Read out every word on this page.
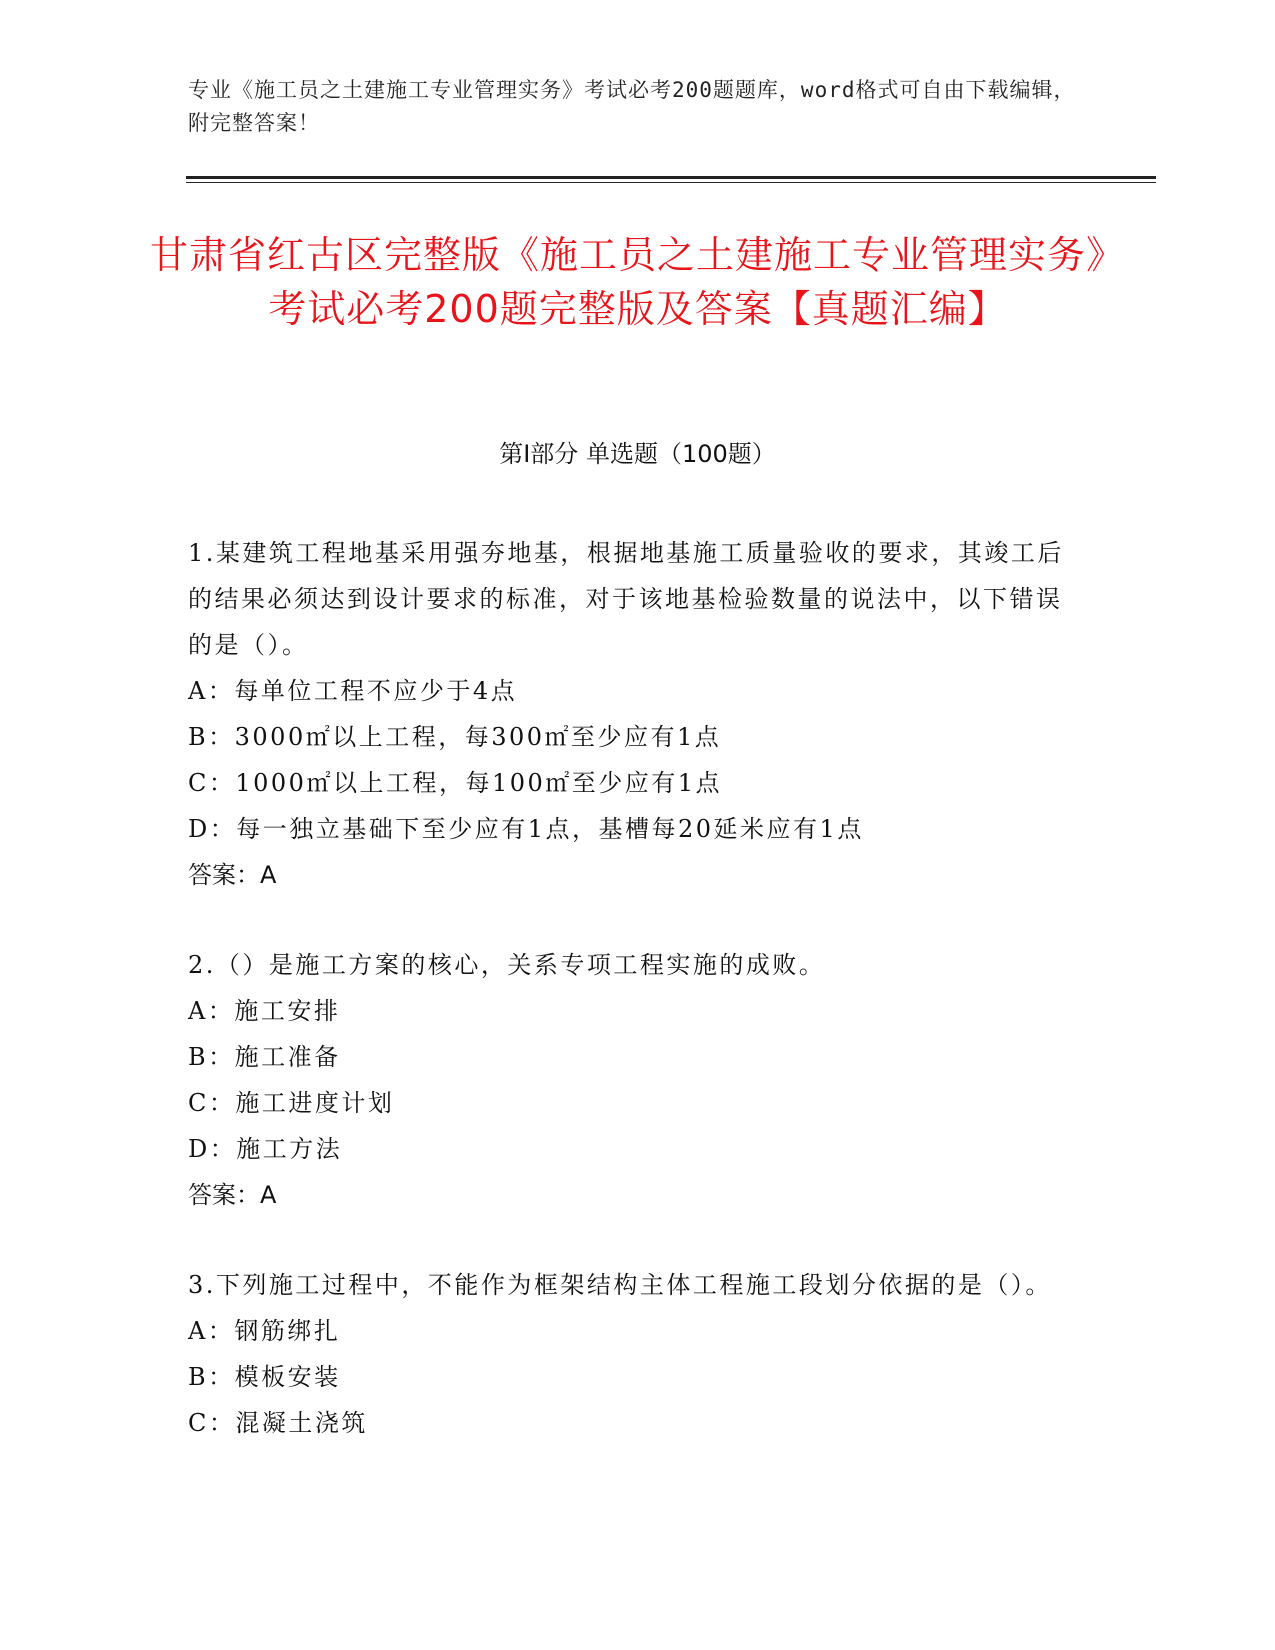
专业《施工员之土建施工专业管理实务》考试必考200题题库，word格式可自由下载编辑，附完整答案！
甘肃省红古区完整版《施工员之土建施工专业管理实务》考试必考200题完整版及答案【真题汇编】
第Ⅰ部分 单选题（100题）
1.某建筑工程地基采用强夯地基，根据地基施工质量验收的要求，其竣工后的结果必须达到设计要求的标准，对于该地基检验数量的说法中，以下错误的是（）。
A：每单位工程不应少于4点
B：3000㎡以上工程，每300㎡至少应有1点
C：1000㎡以上工程，每100㎡至少应有1点
D：每一独立基础下至少应有1点，基槽每20延米应有1点
答案：A
2.（）是施工方案的核心，关系专项工程实施的成败。
A：施工安排
B：施工准备
C：施工进度计划
D：施工方法
答案：A
3.下列施工过程中，不能作为框架结构主体工程施工段划分依据的是（）。
A：钢筋绑扎
B：模板安装
C：混凝土浇筑
